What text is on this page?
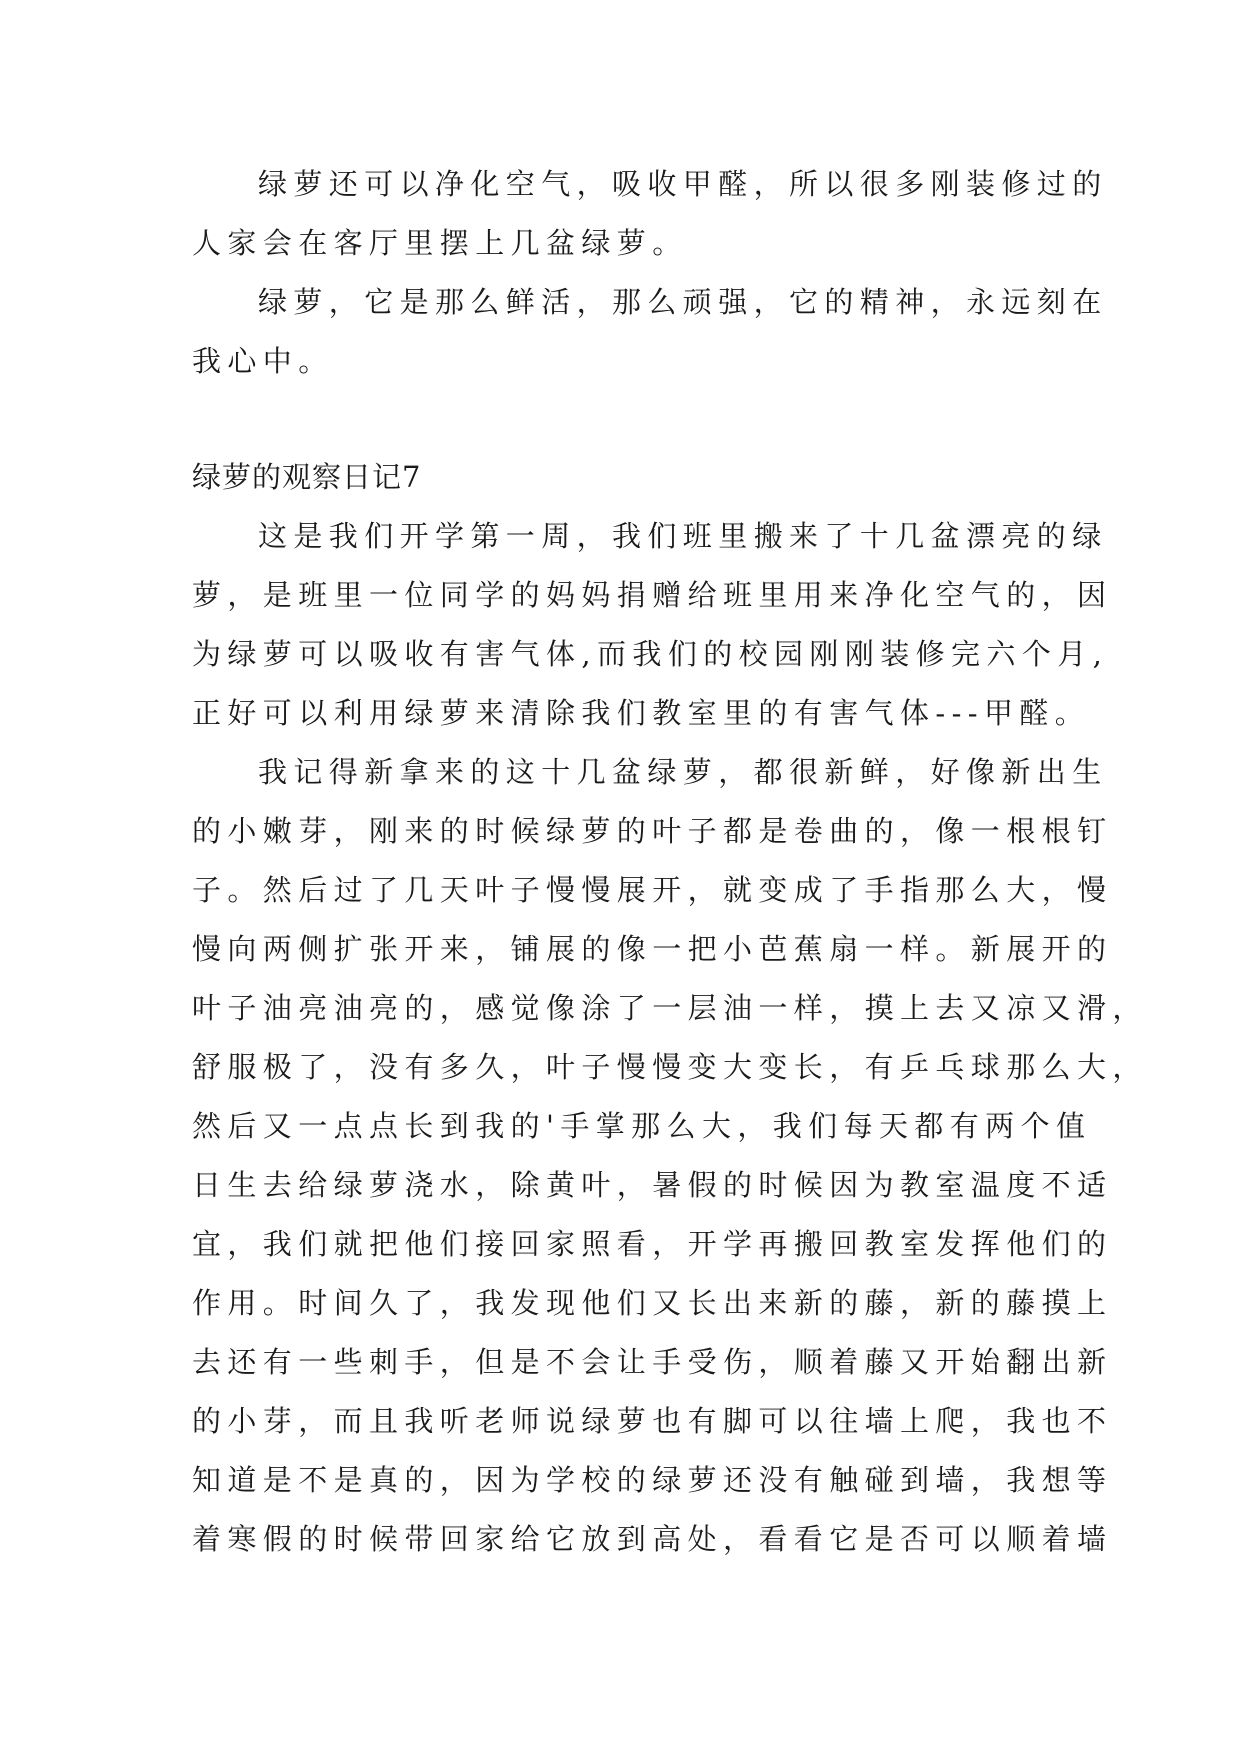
绿萝还可以净化空气，吸收甲醛，所以很多刚装修过的
人家会在客厅里摆上几盆绿萝。
绿萝，它是那么鲜活，那么顽强，它的精神，永远刻在
我心中。
绿萝的观察日记7
这是我们开学第一周，我们班里搬来了十几盆漂亮的绿
萝，是班里一位同学的妈妈捐赠给班里用来净化空气的，因
为绿萝可以吸收有害气体,而我们的校园刚刚装修完六个月,
正好可以利用绿萝来清除我们教室里的有害气体---甲醛。
我记得新拿来的这十几盆绿萝，都很新鲜，好像新出生
的小嫩芽，刚来的时候绿萝的叶子都是卷曲的，像一根根钉
子。然后过了几天叶子慢慢展开，就变成了手指那么大，慢
慢向两侧扩张开来，铺展的像一把小芭蕉扇一样。新展开的
叶子油亮油亮的，感觉像涂了一层油一样，摸上去又凉又滑，
舒服极了，没有多久，叶子慢慢变大变长，有乒乓球那么大，
然后又一点点长到我的'手掌那么大，我们每天都有两个值
日生去给绿萝浇水，除黄叶，暑假的时候因为教室温度不适
宜，我们就把他们接回家照看，开学再搬回教室发挥他们的
作用。时间久了，我发现他们又长出来新的藤，新的藤摸上
去还有一些刺手，但是不会让手受伤，顺着藤又开始翻出新
的小芽，而且我听老师说绿萝也有脚可以往墙上爬，我也不
知道是不是真的，因为学校的绿萝还没有触碰到墙，我想等
着寒假的时候带回家给它放到高处，看看它是否可以顺着墙
